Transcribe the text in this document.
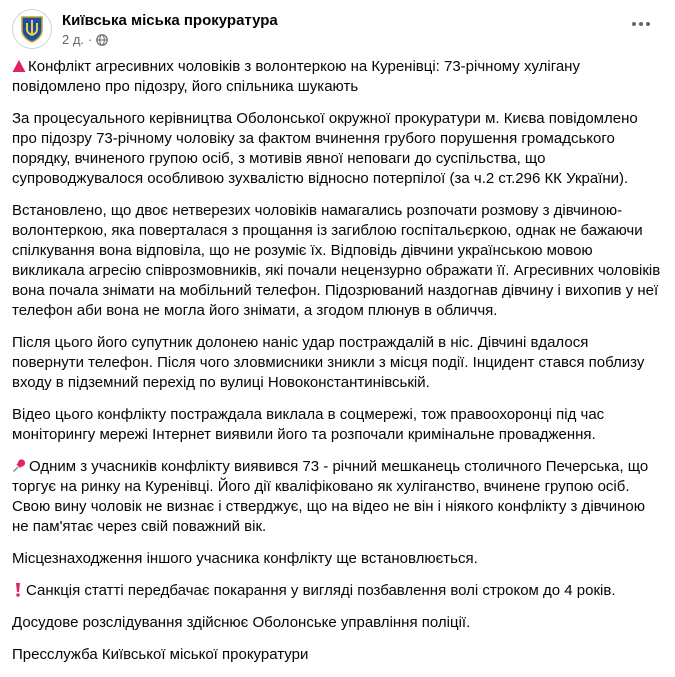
Київська міська прокуратура
2 д. ·

Конфлікт агресивних чоловіків з волонтеркою на Куренівці: 73-річному хулігану повідомлено про підозру, його спільника шукають

За процесуального керівництва Оболонської окружної прокуратури м. Києва повідомлено про підозру 73-річному чоловіку за фактом вчинення грубого порушення громадського порядку, вчиненого групою осіб, з мотивів явної неповаги до суспільства, що супроводжувалося особливою зухвалістю відносно потерпілої (за ч.2 ст.296 КК України).

Встановлено, що двоє нетверезих чоловіків намагались розпочати розмову з дівчиною-волонтеркою, яка поверталася з прощання із загиблою госпітальєркою, однак не бажаючи спілкування вона відповіла, що не розуміє їх. Відповідь дівчини українською мовою викликала агресію співрозмовників, які почали нецензурно ображати її. Агресивних чоловіків вона почала знімати на мобільний телефон. Підозрюваний наздогнав дівчину і вихопив у неї телефон аби вона не могла його знімати, а згодом плюнув в обличчя.

Після цього його супутник долонею наніс удар постраждалій в ніс. Дівчині вдалося повернути телефон. Після чого зловмисники зникли з місця події. Інцидент стався поблизу входу в підземний перехід по вулиці Новоконстантинівській.

Відео цього конфлікту постраждала виклала в соцмережі, тож правоохоронці під час моніторингу мережі Інтернет виявили його та розпочали кримінальне провадження.

Одним з учасників конфлікту виявився 73 - річний мешканець столичного Печерська, що торгує на ринку на Куренівці. Його дії кваліфіковано як хуліганство, вчинене групою осіб. Свою вину чоловік не визнає і стверджує, що на відео не він і ніякого конфлікту з дівчиною не пам'ятає через свій поважний вік.

Місцезнаходження іншого учасника конфлікту ще встановлюється.

Санкція статті передбачає покарання у вигляді позбавлення волі строком до 4 років.

Досудове розслідування здійснює Оболонське управління поліції.

Пресслужба Київської міської прокуратури
